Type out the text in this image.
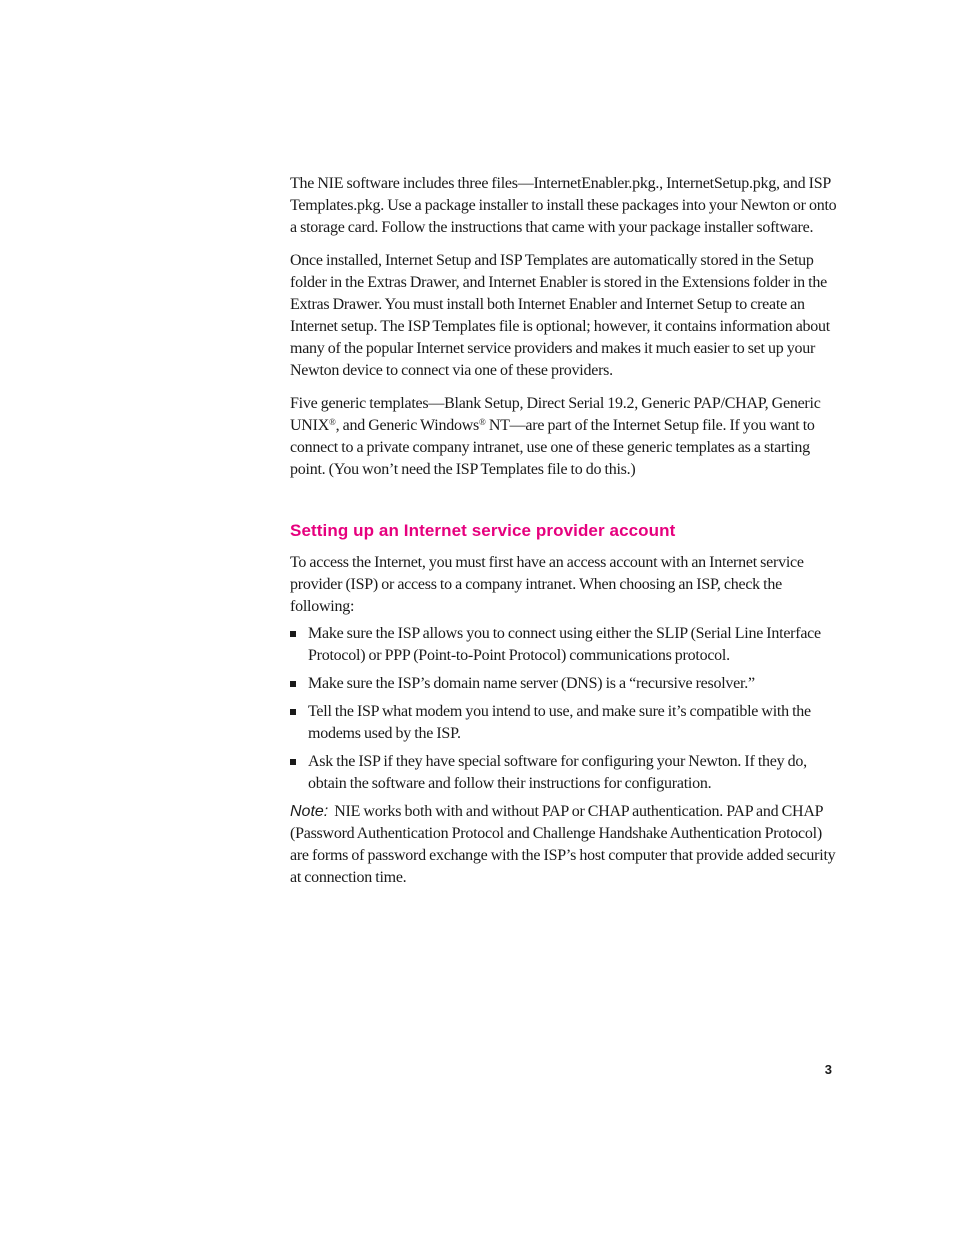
The NIE software includes three files—InternetEnabler.pkg., InternetSetup.pkg, and ISP Templates.pkg. Use a package installer to install these packages into your Newton or onto a storage card. Follow the instructions that came with your package installer software.

Once installed, Internet Setup and ISP Templates are automatically stored in the Setup folder in the Extras Drawer, and Internet Enabler is stored in the Extensions folder in the Extras Drawer. You must install both Internet Enabler and Internet Setup to create an Internet setup. The ISP Templates file is optional; however, it contains information about many of the popular Internet service providers and makes it much easier to set up your Newton device to connect via one of these providers.

Five generic templates—Blank Setup, Direct Serial 19.2, Generic PAP/CHAP, Generic UNIX®, and Generic Windows® NT—are part of the Internet Setup file. If you want to connect to a private company intranet, use one of these generic templates as a starting point. (You won’t need the ISP Templates file to do this.)

Setting up an Internet service provider account

To access the Internet, you must first have an access account with an Internet service provider (ISP) or access to a company intranet. When choosing an ISP, check the following:

Make sure the ISP allows you to connect using either the SLIP (Serial Line Interface Protocol) or PPP (Point-to-Point Protocol) communications protocol.
Make sure the ISP’s domain name server (DNS) is a “recursive resolver.”
Tell the ISP what modem you intend to use, and make sure it’s compatible with the modems used by the ISP.
Ask the ISP if they have special software for configuring your Newton. If they do, obtain the software and follow their instructions for configuration.

Note: NIE works both with and without PAP or CHAP authentication. PAP and CHAP (Password Authentication Protocol and Challenge Handshake Authentication Protocol) are forms of password exchange with the ISP’s host computer that provide added security at connection time.

3
